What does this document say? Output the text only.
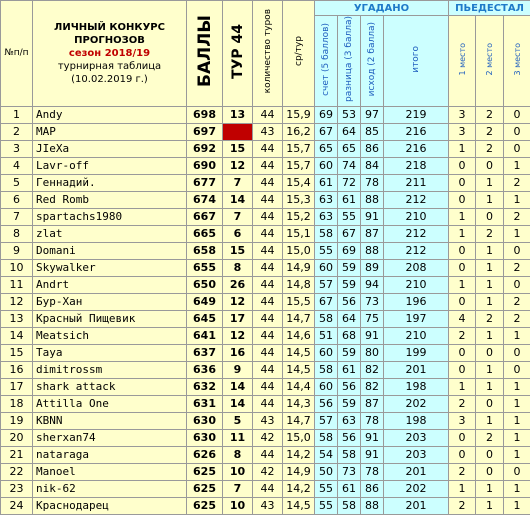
№п/п	ЛИЧНЫЙ КОНКУРС
ПРОГНОЗОВ
сезон 2018/19
турнирная таблица
(10.02.2019 г.)	БАЛЛЫ	ТУР 44	количество туров	ср/тур	УГАДАНО				ПЬЕДЕСТАЛ		
						счет (5 баллов)	разница (3 балла)	исход (2 балла)	итого	1 место	2 место	3 место
1	Andy	698	13	44	15,9	69	53	97	219	3	2	0
2	MAP	697		43	16,2	67	64	85	216	3	2	0
3	JIeXa	692	15	44	15,7	65	65	86	216	1	2	0
4	Lavr-off	690	12	44	15,7	60	74	84	218	0	0	1
5	Геннадий.	677	7	44	15,4	61	72	78	211	0	1	2
6	Red Romb	674	14	44	15,3	63	61	88	212	0	1	1
7	spartachs1980	667	7	44	15,2	63	55	91	210	1	0	2
8	zlat	665	6	44	15,1	58	67	87	212	1	2	1
9	Domani	658	15	44	15,0	55	69	88	212	0	1	0
10	Skywalker	655	8	44	14,9	60	59	89	208	0	1	2
11	Andrt	650	26	44	14,8	57	59	94	210	1	1	0
12	Бур-Хан	649	12	44	15,5	67	56	73	196	0	1	2
13	Красный Пищевик	645	17	44	14,7	58	64	75	197	4	2	2
14	Meatsich	641	12	44	14,6	51	68	91	210	2	1	1
15	Taya	637	16	44	14,5	60	59	80	199	0	0	0
16	dimitrossm	636	9	44	14,5	58	61	82	201	0	1	0
17	shark attack	632	14	44	14,4	60	56	82	198	1	1	1
18	Attilla One	631	14	44	14,3	56	59	87	202	2	0	1
19	KBNN	630	5	43	14,7	57	63	78	198	3	1	1
20	sherxan74	630	11	42	15,0	58	56	91	203	0	2	1
21	nataraga	626	8	44	14,2	54	58	91	203	0	0	1
22	Manoel	625	10	42	14,9	50	73	78	201	2	0	0
23	nik-62	625	7	44	14,2	55	61	86	202	1	1	1
24	Краснодарец	625	10	43	14,5	55	58	88	201	2	1	1
